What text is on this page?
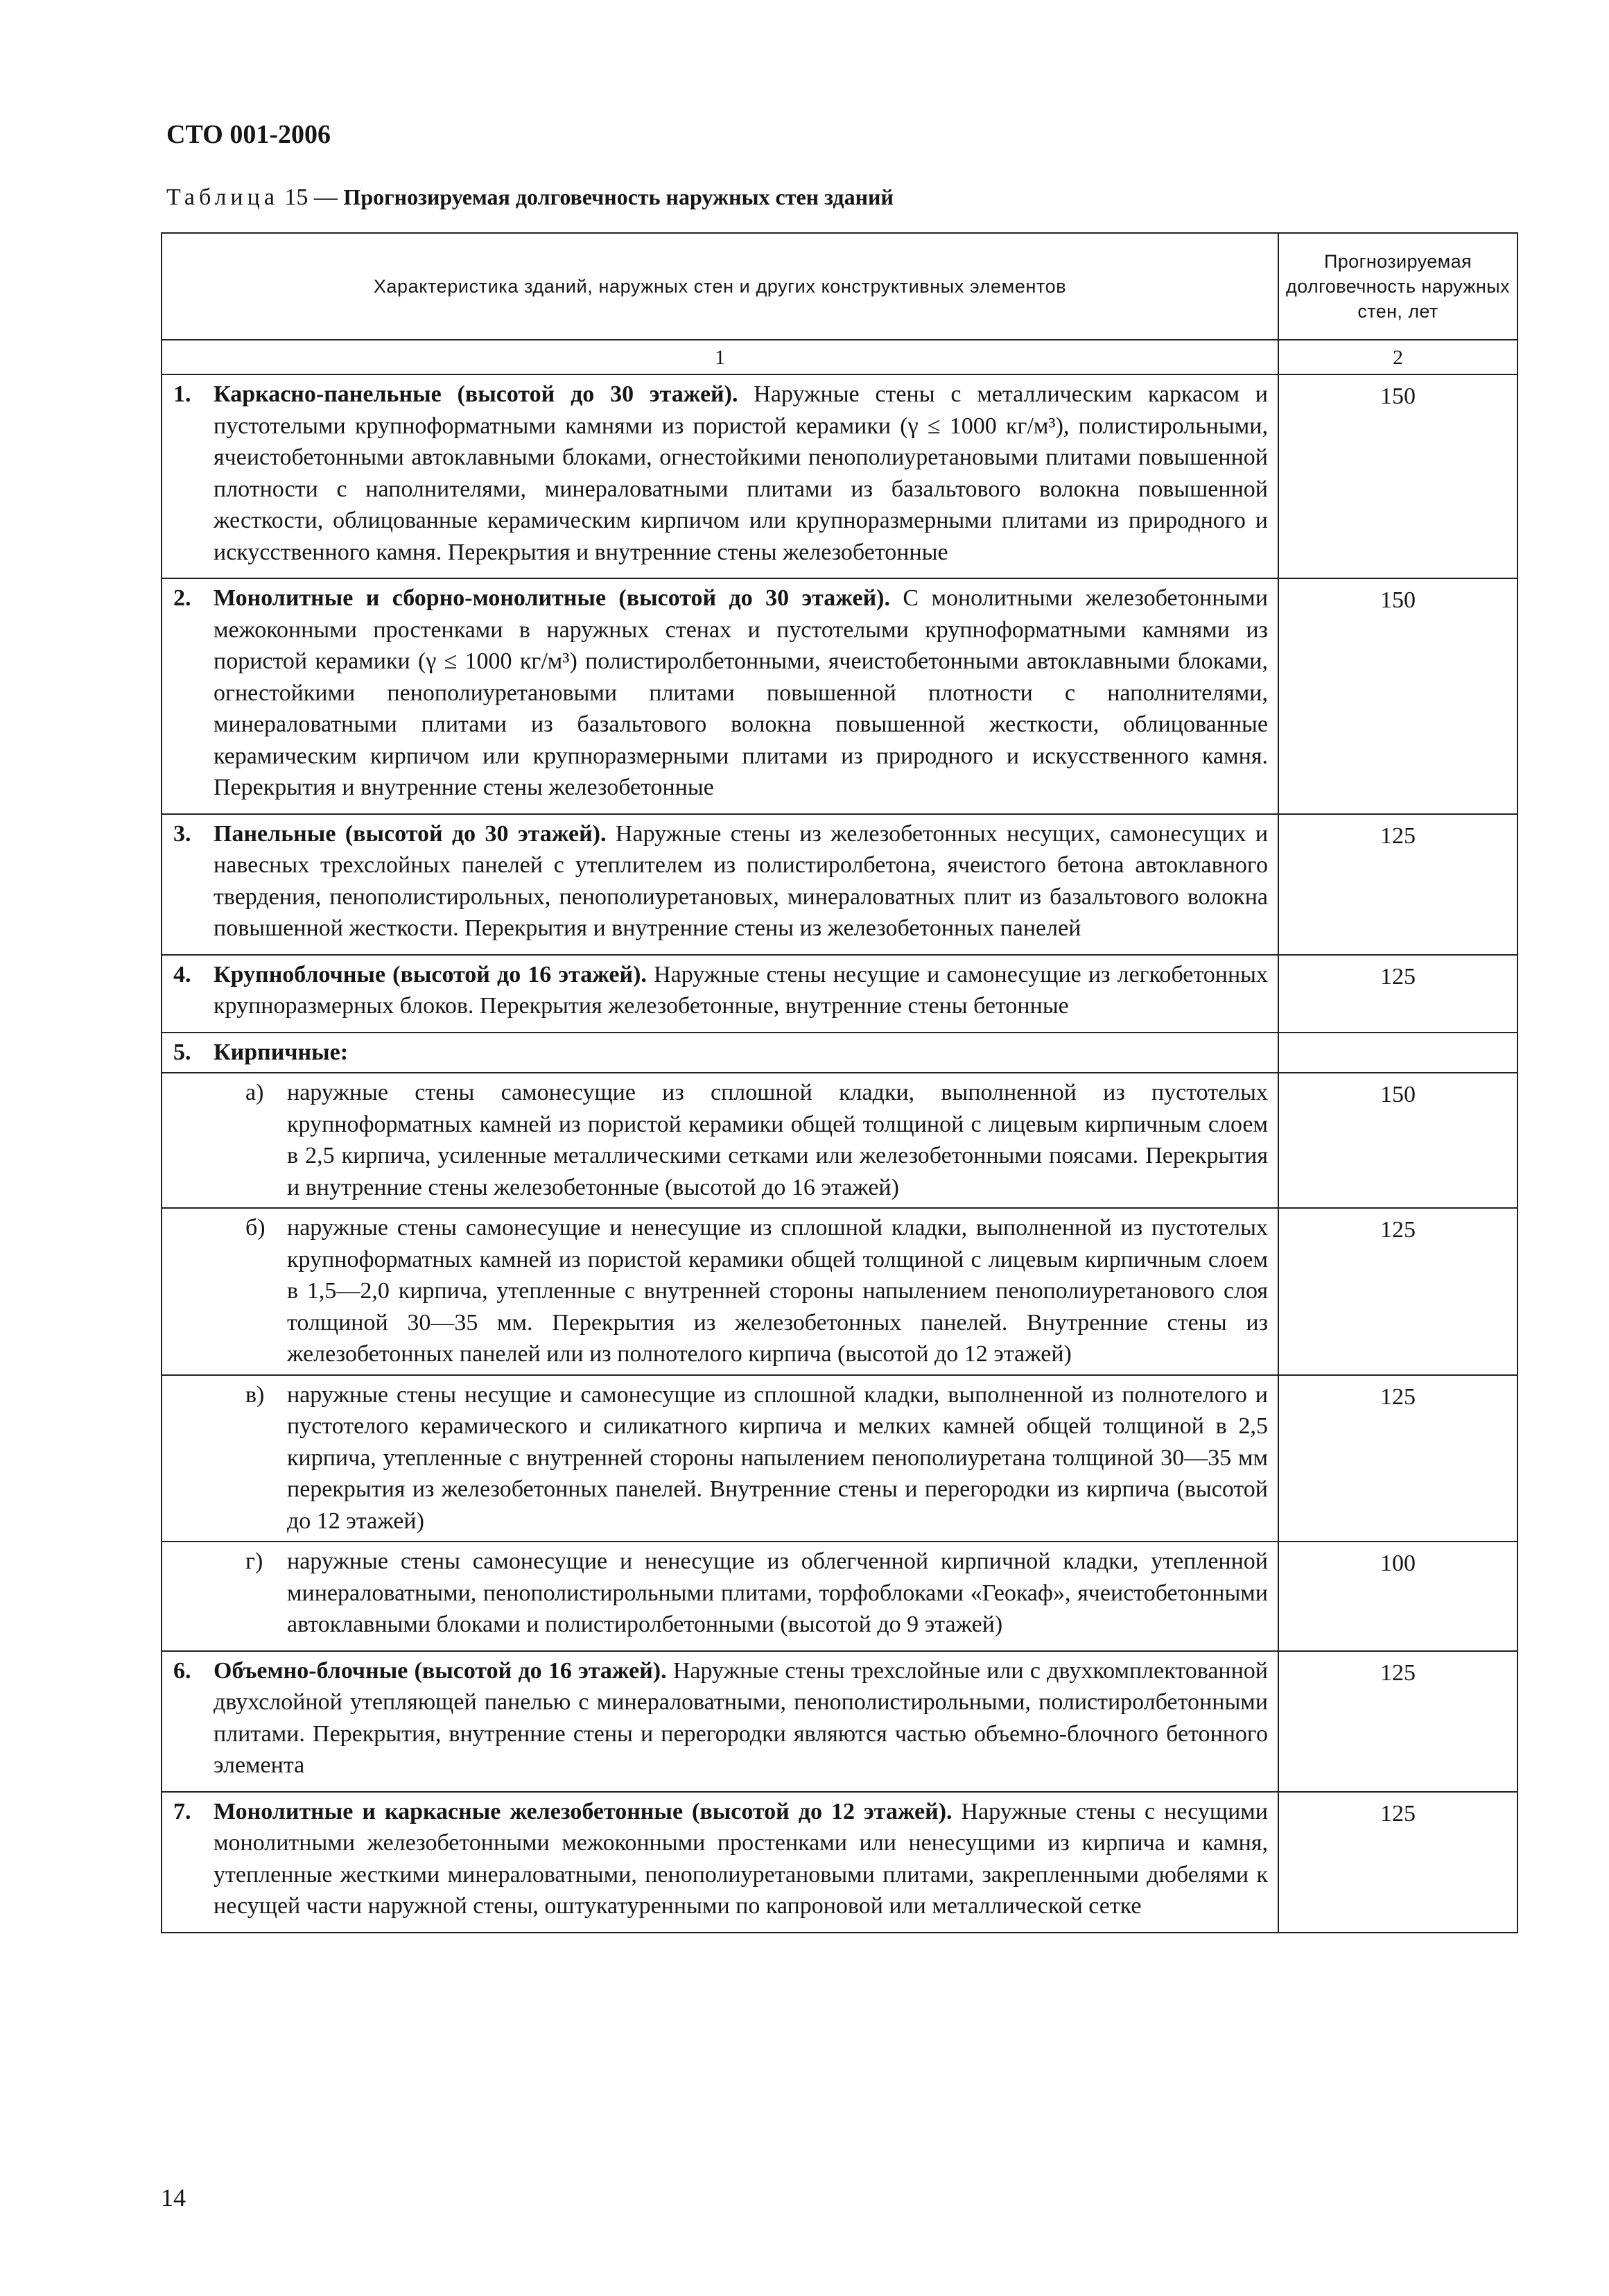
СТО 001-2006

Таблица 15 — Прогнозируемая долговечность наружных стен зданий

Характеристика зданий, наружных стен и других конструктивных элементов	Прогнозируемая долговечность наружных стен, лет
1	2

1. Каркасно-панельные (высотой до 30 этажей). Наружные стены с металлическим каркасом и пустотелыми крупноформатными камнями из пористой керамики (γ ≤ 1000 кг/м³), полистирольными, ячеистобетонными автоклавными блоками, огнестойкими пенополиуретановыми плитами повышенной плотности с наполнителями, минераловатными плитами из базальтового волокна повышенной жесткости, облицованные керамическим кирпичом или крупноразмерными плитами из природного и искусственного камня. Перекрытия и внутренние стены железобетонные	150

2. Монолитные и сборно-монолитные (высотой до 30 этажей). С монолитными железобетонными межоконными простенками в наружных стенах и пустотелыми крупноформатными камнями из пористой керамики (γ ≤ 1000 кг/м³) полистиролбетонными, ячеистобетонными автоклавными блоками, огнестойкими пенополиуретановыми плитами повышенной плотности с наполнителями, минераловатными плитами из базальтового волокна повышенной жесткости, облицованные керамическим кирпичом или крупноразмерными плитами из природного и искусственного камня. Перекрытия и внутренние стены железобетонные	150

3. Панельные (высотой до 30 этажей). Наружные стены из железобетонных несущих, самонесущих и навесных трехслойных панелей с утеплителем из полистиролбетона, ячеистого бетона автоклавного твердения, пенополистирольных, пенополиуретановых, минераловатных плит из базальтового волокна повышенной жесткости. Перекрытия и внутренние стены из железобетонных панелей	125

4. Крупноблочные (высотой до 16 этажей). Наружные стены несущие и самонесущие из легкобетонных крупноразмерных блоков. Перекрытия железобетонные, внутренние стены бетонные	125

5. Кирпичные:	

а) наружные стены самонесущие из сплошной кладки, выполненной из пустотелых крупноформатных камней из пористой керамики общей толщиной с лицевым кирпичным слоем в 2,5 кирпича, усиленные металлическими сетками или железобетонными поясами. Перекрытия и внутренние стены железобетонные (высотой до 16 этажей)	150

б) наружные стены самонесущие и ненесущие из сплошной кладки, выполненной из пустотелых крупноформатных камней из пористой керамики общей толщиной с лицевым кирпичным слоем в 1,5—2,0 кирпича, утепленные с внутренней стороны напылением пенополиуретанового слоя толщиной 30—35 мм. Перекрытия из железобетонных панелей. Внутренние стены из железобетонных панелей или из полнотелого кирпича (высотой до 12 этажей)	125

в) наружные стены несущие и самонесущие из сплошной кладки, выполненной из полнотелого и пустотелого керамического и силикатного кирпича и мелких камней общей толщиной в 2,5 кирпича, утепленные с внутренней стороны напылением пенополиуретана толщиной 30—35 мм перекрытия из железобетонных панелей. Внутренние стены и перегородки из кирпича (высотой до 12 этажей)	125

г) наружные стены самонесущие и ненесущие из облегченной кирпичной кладки, утепленной минераловатными, пенополистирольными плитами, торфоблоками «Геокаф», ячеистобетонными автоклавными блоками и полистиролбетонными (высотой до 9 этажей)	100

6. Объемно-блочные (высотой до 16 этажей). Наружные стены трехслойные или с двухкомплектованной двухслойной утепляющей панелью с минераловатными, пенополистирольными, полистиролбетонными плитами. Перекрытия, внутренние стены и перегородки являются частью объемно-блочного бетонного элемента	125

7. Монолитные и каркасные железобетонные (высотой до 12 этажей). Наружные стены с несущими монолитными железобетонными межоконными простенками или ненесущими из кирпича и камня, утепленные жесткими минераловатными, пенополиуретановыми плитами, закрепленными дюбелями к несущей части наружной стены, оштукатуренными по капроновой или металлической сетке	125

14
